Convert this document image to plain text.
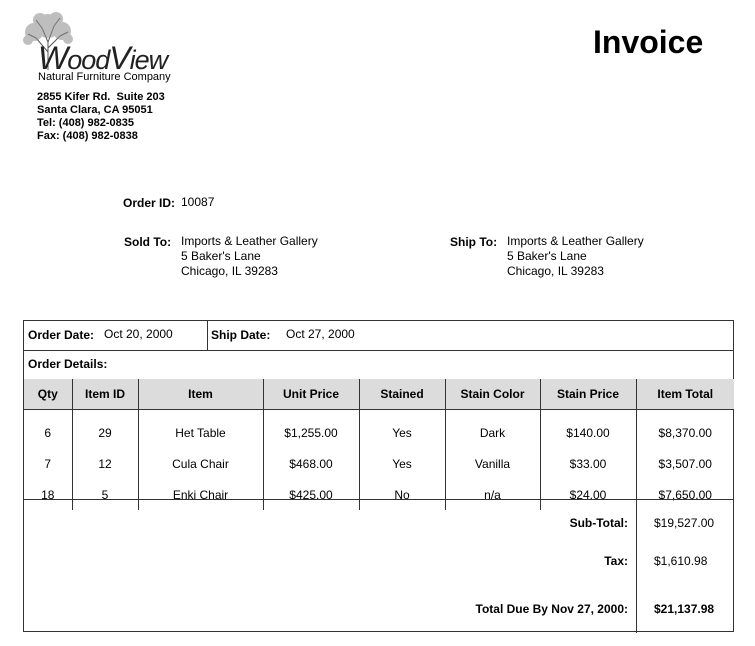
WoodView
Natural Furniture Company
2855 Kifer Rd.  Suite 203
Santa Clara, CA 95051
Tel: (408) 982-0835
Fax: (408) 982-0838
Invoice
Order ID: 10087
Sold To: Imports & Leather Gallery
5 Baker's Lane
Chicago, IL 39283
Ship To: Imports & Leather Gallery
5 Baker's Lane
Chicago, IL 39283
Order Date: Oct 20, 2000	Ship Date: Oct 27, 2000
Order Details:
Qty	Item ID	Item	Unit Price	Stained	Stain Color	Stain Price	Item Total
6	29	Het Table	$1,255.00	Yes	Dark	$140.00	$8,370.00
7	12	Cula Chair	$468.00	Yes	Vanilla	$33.00	$3,507.00
18	5	Enki Chair	$425.00	No	n/a	$24.00	$7,650.00
Sub-Total: $19,527.00
Tax: $1,610.98
Total Due By Nov 27, 2000: $21,137.98
